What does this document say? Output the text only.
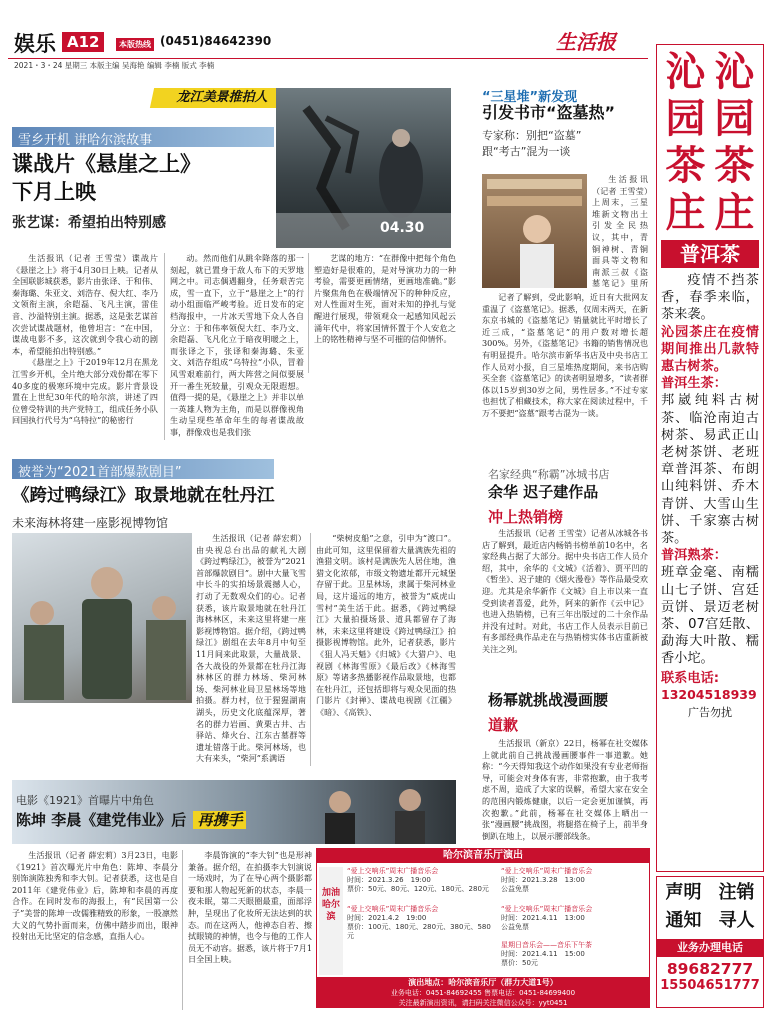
娱乐 A12	本版热线 (0451)84642390
2021・3・24 星期三 本版主编 吴海艳 编辑 李楠 版式 李楠
生活报
龙江美景推拍人
雪乡开机 讲哈尔滨故事
谍战片《悬崖之上》
下月上映
张艺谋：希望拍出特别感	04.30

生活报讯（记者 王雪莹）谍战片《悬崖之上》将于4月30日上映。记者从全国联影城获悉，影片由张译、于和伟、秦海璐、朱亚文、刘浩存、倪大红、李乃文领衔主演，余皑磊、飞凡主演，雷佳音、沙溢特别主演。据悉，这是张艺谋首次尝试谍战题材，他曾坦言：“在中国，谍战电影不多，这次就到令我心动的剧本，希望能拍出特别感。”

《悬崖之上》于2019年12月在黑龙江雪乡开机，全片绝大部分戏份都在零下40多度的极寒环境中完成。影片背景设置在上世纪30年代的哈尔滨，讲述了四位曾受特训的共产党特工，组成任务小队回国执行代号为“乌特拉”的秘密行

动。然而他们从跳伞降落的那一刻起，就已置身于敌人布下的天罗地网之中。司志偶遇翻身，任务艰苦完成，雪一直下，立于“悬崖之上”的行动小组面临严峻考验。近日发布的定档海报中，一片冰天雪地下众人各自分立：于和伟率领倪大红、李乃文、余皑磊、飞凡化立于暗夜明暖之上，而张译之下，张译和秦海璐、朱亚文、刘浩存组成“乌特拉”小队，冒着风雪艰难前行，两大阵营之间似要展开一番生死较量，引观众无限遐想。值得一提的是，《悬崖之上》并非以单一英雄人物为主角，而是以群像视角生动呈现些革命年生的每者谍战故事，群像戏也是我们张

艺谋的地方：“在群像中把每个角色塑造好是很难的，是对导演功力的一种考验，需要更画情绪，更画地准确。”影片聚焦角色在极端情况下的种种反应，对人性面对生死，面对未知的挣扎与觉醒进行展现，带领观众一起感知风起云涌年代中，将家国情怀置于个人安危之上的铭牲精神与坚不可摧的信仰情怀。

被誉为“2021首部爆款剧目”
《跨过鸭绿江》取景地就在牡丹江
未来海林将建一座影视博物馆

生活报讯（记者 薛宏莉）由央视总台出品的献礼大剧《跨过鸭绿江》，被誉为“2021首部爆款剧目”。剧中大量飞雪中长斗的实拍场景震撼人心，打动了无数观众们的心。记者获悉，该片取景地就在牡丹江海林林区，未来这里将建一座影视博物馆。据介绍，《跨过鸭绿江》剧组在去年8月中旬至11月间来此取景，大量战景、各大战役的外景都在牡丹江海林林区的群力林场、柴河林场、柴河林业局卫星林场等地拍摄。群力村，位于猩猩湖南湖头，历史文化底蕴深厚，著名的群力岩画、黄栗古井、古驿站、烽火台、江东古墓群等遗址错落于此。柴河林场，也大有来头，“柴河”系满语

“柴树皮船”之意，引申为“渡口”。由此可知，这里保留着大量满族先祖的渔猎文明。该村是满族先人居住地，渔猎文化浓郁，市级文物遗址都开元城堡存留于此。卫星林场，隶属于柴河林业局，这片遥远的地方，被誉为“威虎山雪村”美生活于此。据悉，《跨过鸭绿江》大量拍摄场景、道具都留存了海林，未来这里将建设《跨过鸭绿江》拍摄影视博物馆。此外，记者获悉，影片《狙人冯天魁》《归城》《大猎户》、电视剧《林海雪原》《最后改》《林海雪原》等诸多热播影视作品取景地，也都在牡丹江，还包括即将与观众见面的热门影片《封禅》、谍战电视剧《江疆》《暗》、《高铁》、

电影《1921》首曝片中角色
陈坤 李晨《建党伟业》后 再携手

生活报讯（记者 薛宏莉）3月23日，电影《1921》首次曝光片中角色：陈坤、李晨分别饰演陈独秀和李大钊。记者获悉，这也是自2011年《建党伟业》后，陈坤和李晨的再度合作。在同时发布的海报上，有“民国第一公子”美誉的陈坤一改儒雅精致的形象，一股凛然大义的气势扑面而来，仿佛中踏步而出，眼神投射出无比坚定的信念感，直指人心。

李晨饰演的“李大钊”也是形神兼备。据介绍，在拍摄李大钊演说一场戏时，为了在导心两个摄影都要和那人物起死新的状态，李晨一夜未眠，第二天眼圈最重，面部浮肿，呈现出了化妆所无法达到的状态。而在这两人，他神态自若、擦拭眼镜的神情，也令与他的工作人员无不动容。据悉，该片将于7月1日全国上映。

“三星堆”新发现
引发书市“盗墓热”
专家称：别把“盗墓”
跟“考古”混为一谈

生活报讯（记者 王雪莹）上周末，三星堆新文物出土引发全民热议，其中，青铜神树、青铜面具等文物和南派三叔《盗墓笔记》里所

记者了解到，受此影响，近日有大批网友重温了《盗墓笔记》。据悉，仅周末两天，在新东京书城的《盗墓笔记》销量就比平时增长了近三成，“盗墓笔记”的用户数对增长超300%。另外，《盗墓笔记》书籍的销售情况也有明显提升。哈尔滨市新华书店及中央书店工作人员对小报，自三星堆热度期间，来书店购买全套《盗墓笔记》的读者明显增多，“读者群体以15岁到30岁之间，男性居多。”不过专家也担忧了相藏技术，称大家在阅读过程中，千万不要把“盗墓”跟考古混为一谈。

名家经典“称霸”冰城书店
余华 迟子建作品
冲上热销榜

生活报讯（记者 王雪莹）记者从冰城各书店了解到，最近店内畅销书榜单前10名中，名家经典占据了大部分。据中央书店工作人员介绍，其中，余华的《文城》《活着》、贾平凹的《暂坐》、迟子建的《烟火漫卷》等作品最受欢迎。尤其是余华新作《文城》自上市以来一直受到读者喜爱，此外，阿来的新作《云中记》也进入热销榜，已有三年出版过的二十余作品并没有过时。对此，书店工作人员表示目前已有多部经典作品走在与热销榜实体书店重新被关注之列。

杨幂就挑战漫画腰
道歉

生活报讯（新京）22日，杨幂在社交媒体上就此前自己挑战漫画腰事件一事道歉。她称：“今天得知我这个动作如果没有专业老师指导，可能会对身体有害，非常抱歉，由于我考虑不周，造成了大家的误解，希望大家在安全的范围内锻炼健康，以后一定会更加谨慎，再次抱歉。”此前，杨幂在社交媒体上晒出一张“漫画腰”挑战图，将腿搭在椅子上，前半身倒趴在地上，以展示腰部线条。

哈尔滨音乐厅演出
加油哈尔滨
“爱上交响乐”周末广播音乐会
时间：2021.3.26　19:00
票价：50元、80元、120元、180元、280元
“爱上交响乐”周末广播音乐会
时间：2021.3.28　13:00
公益免票
“爱上交响乐”周末广播音乐会
时间：2021.4.2　19:00
票价：100元、180元、280元、380元、580元
“爱上交响乐”周末广播音乐会
时间：2021.4.11　13:00
公益免票
星期日音乐会——音乐下午茶
时间：2021.4.11　15:00
票价：50元
演出地点：哈尔滨音乐厅（群力大道1号）
业务电话：0451-84692455 售票电话：0451-84699400
关注最新演出资讯，请扫码关注微信公众号：yyt0451
沁 沁
园 园
茶 茶
庄 庄
普洱茶
疫情不挡茶香，春季来临，茶来袭。
沁园茶庄在疫情期间推出几款特惠古树茶。
普洱生茶：
邦崴纯料古树茶、临沧南迫古树茶、易武正山老树茶饼、老班章普洱茶、布朗山纯料饼、乔木青饼、大雪山生饼、千家寨古树茶。
普洱熟茶：
班章金毫、南糯山七子饼、宫廷贡饼、景迈老树茶、07宫廷散、勐海大叶散、糯香小坨。
联系电话:
13204518939
广告勿扰
声明 注销
通知 寻人
业务办理电话
89682777
15504651777
